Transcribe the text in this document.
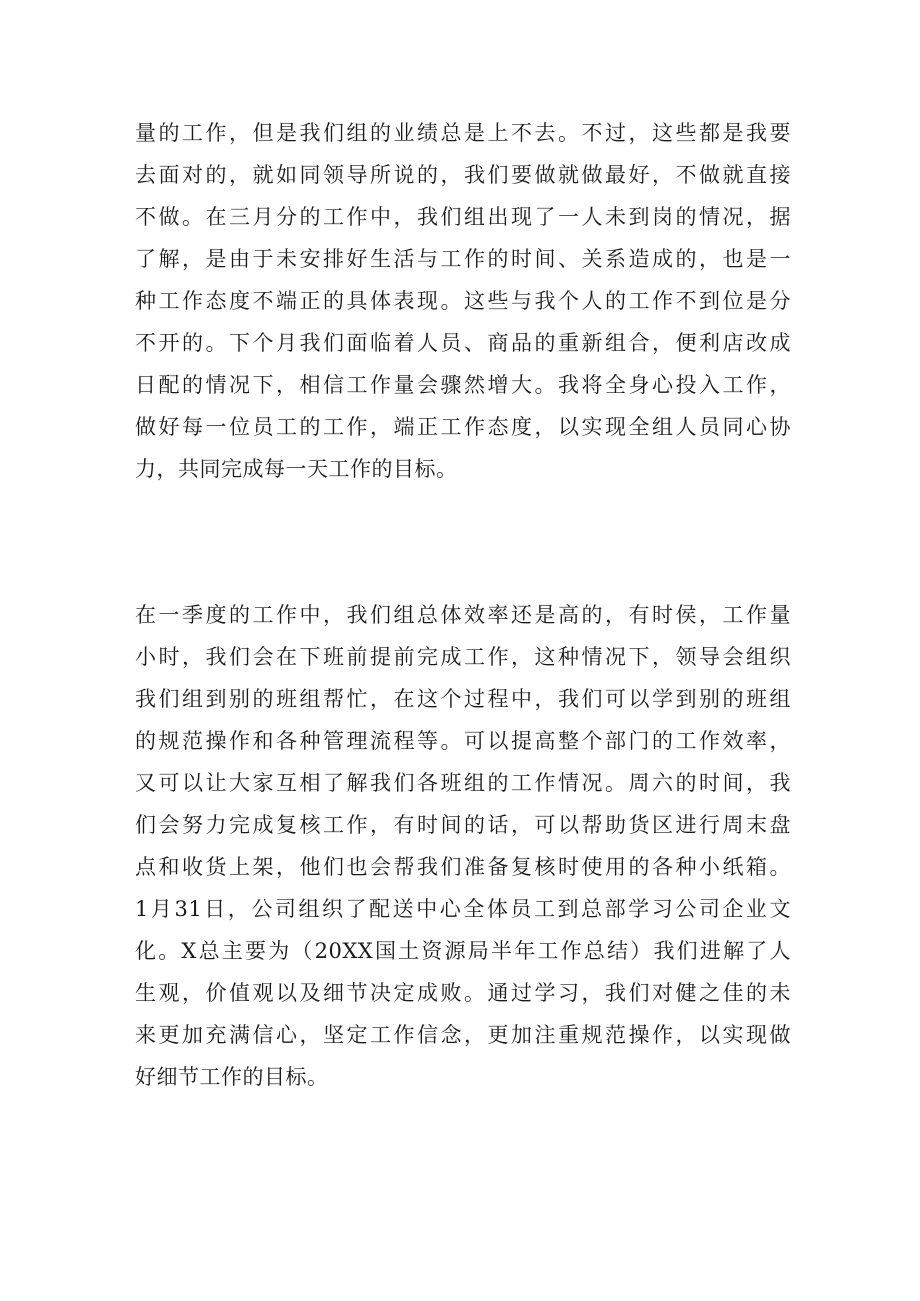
量的工作，但是我们组的业绩总是上不去。不过，这些都是我要
去面对的，就如同领导所说的，我们要做就做最好，不做就直接
不做。在三月分的工作中，我们组出现了一人未到岗的情况，据
了解，是由于未安排好生活与工作的时间、关系造成的，也是一
种工作态度不端正的具体表现。这些与我个人的工作不到位是分
不开的。下个月我们面临着人员、商品的重新组合，便利店改成
日配的情况下，相信工作量会骤然增大。我将全身心投入工作，
做好每一位员工的工作，端正工作态度，以实现全组人员同心协
力，共同完成每一天工作的目标。
在一季度的工作中，我们组总体效率还是高的，有时侯，工作量
小时，我们会在下班前提前完成工作，这种情况下，领导会组织
我们组到别的班组帮忙，在这个过程中，我们可以学到别的班组
的规范操作和各种管理流程等。可以提高整个部门的工作效率，
又可以让大家互相了解我们各班组的工作情况。周六的时间，我
们会努力完成复核工作，有时间的话，可以帮助货区进行周末盘
点和收货上架，他们也会帮我们准备复核时使用的各种小纸箱。
1月31日，公司组织了配送中心全体员工到总部学习公司企业文
化。X总主要为（20XX国土资源局半年工作总结）我们进解了人
生观，价值观以及细节决定成败。通过学习，我们对健之佳的未
来更加充满信心，坚定工作信念，更加注重规范操作，以实现做
好细节工作的目标。
